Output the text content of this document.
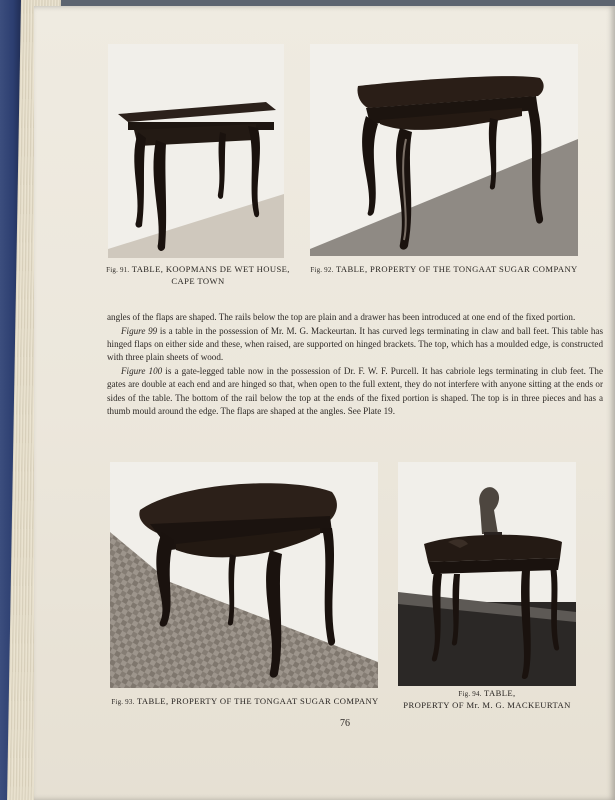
Fig. 91. TABLE, KOOPMANS DE WET HOUSE,
CAPE TOWN
Fig. 92. TABLE, PROPERTY OF THE TONGAAT SUGAR COMPANY

angles of the flaps are shaped. The rails below the top are plain and a drawer has been introduced at one end of the fixed portion.

Figure 99 is a table in the possession of Mr. M. G. Mackeurtan. It has curved legs terminating in claw and ball feet. This table has hinged flaps on either side and these, when raised, are supported on hinged brackets. The top, which has a moulded edge, is constructed with three plain sheets of wood.

Figure 100 is a gate-legged table now in the possession of Dr. F. W. F. Purcell. It has cabriole legs terminating in club feet. The gates are double at each end and are hinged so that, when open to the full extent, they do not interfere with anyone sitting at the ends or sides of the table. The bottom of the rail below the top at the ends of the fixed portion is shaped. The top is in three pieces and has a thumb mould around the edge. The flaps are shaped at the angles. See Plate 19.

Fig. 93. TABLE, PROPERTY OF THE TONGAAT SUGAR COMPANY
Fig. 94. TABLE,
PROPERTY OF Mr. M. G. MACKEURTAN
76
